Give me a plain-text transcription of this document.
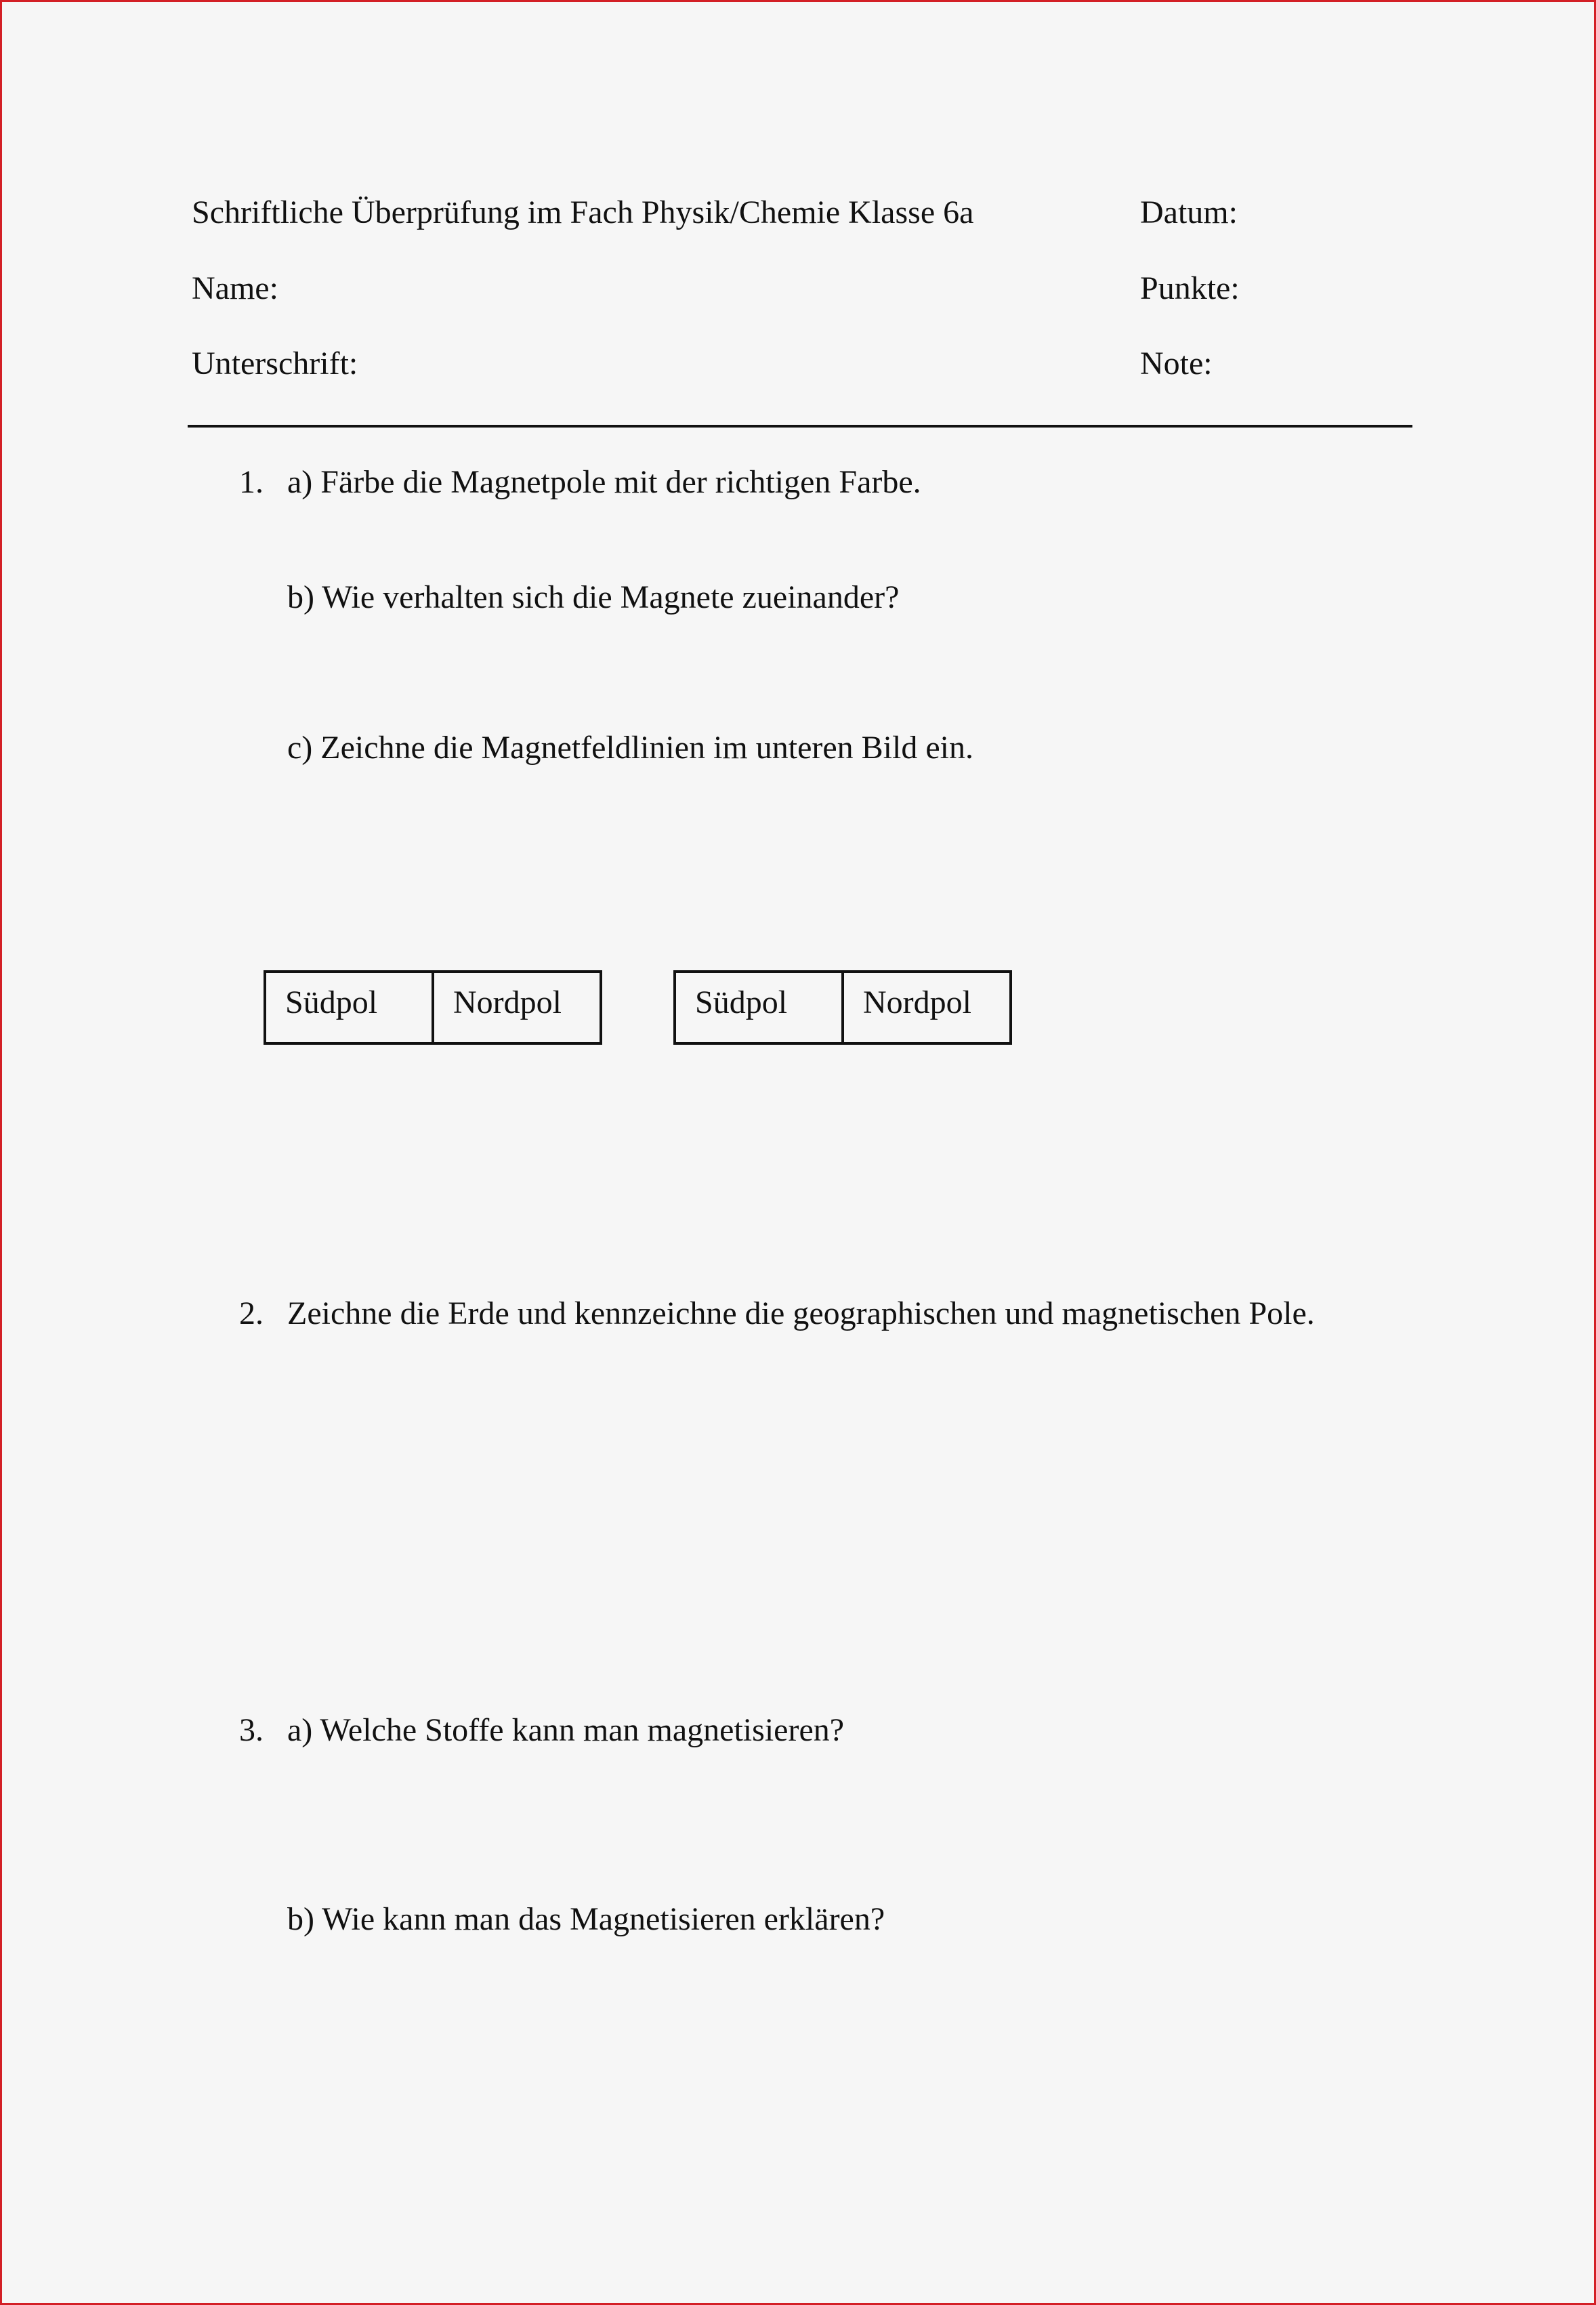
Schriftliche Überprüfung im Fach Physik/Chemie Klasse 6a	Datum:
Name:	Punkte:
Unterschrift:	Note:
1. a) Färbe die Magnetpole mit der richtigen Farbe.
b) Wie verhalten sich die Magnete zueinander?
c) Zeichne die Magnetfeldlinien im unteren Bild ein.
Südpol	Nordpol	Südpol	Nordpol
2. Zeichne die Erde und kennzeichne die geographischen und magnetischen Pole.
3. a) Welche Stoffe kann man magnetisieren?
b) Wie kann man das Magnetisieren erklären?
